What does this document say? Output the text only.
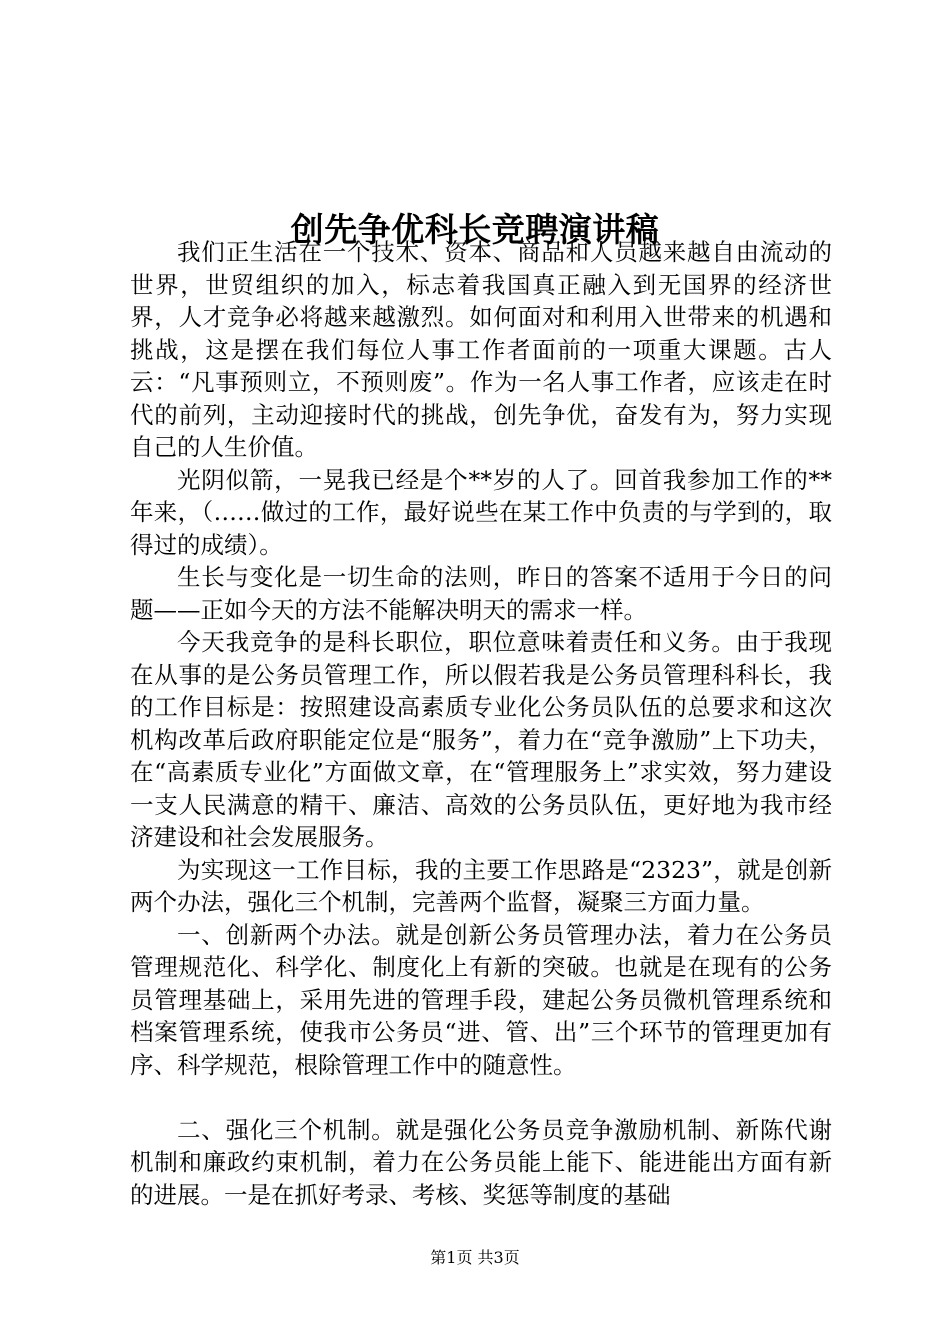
创先争优科长竞聘演讲稿

我们正生活在一个技术、资本、商品和人员越来越自由流动的世界，世贸组织的加入，标志着我国真正融入到无国界的经济世界，人才竞争必将越来越激烈。如何面对和利用入世带来的机遇和挑战，这是摆在我们每位人事工作者面前的一项重大课题。古人云：“凡事预则立，不预则废”。作为一名人事工作者，应该走在时代的前列，主动迎接时代的挑战，创先争优，奋发有为，努力实现自己的人生价值。

光阴似箭，一晃我已经是个**岁的人了。回首我参加工作的**年来，（……做过的工作，最好说些在某工作中负责的与学到的，取得过的成绩）。

生长与变化是一切生命的法则，昨日的答案不适用于今日的问题——正如今天的方法不能解决明天的需求一样。

今天我竞争的是科长职位，职位意味着责任和义务。由于我现在从事的是公务员管理工作，所以假若我是公务员管理科科长，我的工作目标是：按照建设高素质专业化公务员队伍的总要求和这次机构改革后政府职能定位是“服务”，着力在“竞争激励”上下功夫，在“高素质专业化”方面做文章，在“管理服务上”求实效，努力建设一支人民满意的精干、廉洁、高效的公务员队伍，更好地为我市经济建设和社会发展服务。

为实现这一工作目标，我的主要工作思路是“2323”，就是创新两个办法，强化三个机制，完善两个监督，凝聚三方面力量。

一、创新两个办法。就是创新公务员管理办法，着力在公务员管理规范化、科学化、制度化上有新的突破。也就是在现有的公务员管理基础上，采用先进的管理手段，建起公务员微机管理系统和档案管理系统，使我市公务员“进、管、出”三个环节的管理更加有序、科学规范，根除管理工作中的随意性。

二、强化三个机制。就是强化公务员竞争激励机制、新陈代谢机制和廉政约束机制，着力在公务员能上能下、能进能出方面有新的进展。一是在抓好考录、考核、奖惩等制度的基础

第1页 共3页
